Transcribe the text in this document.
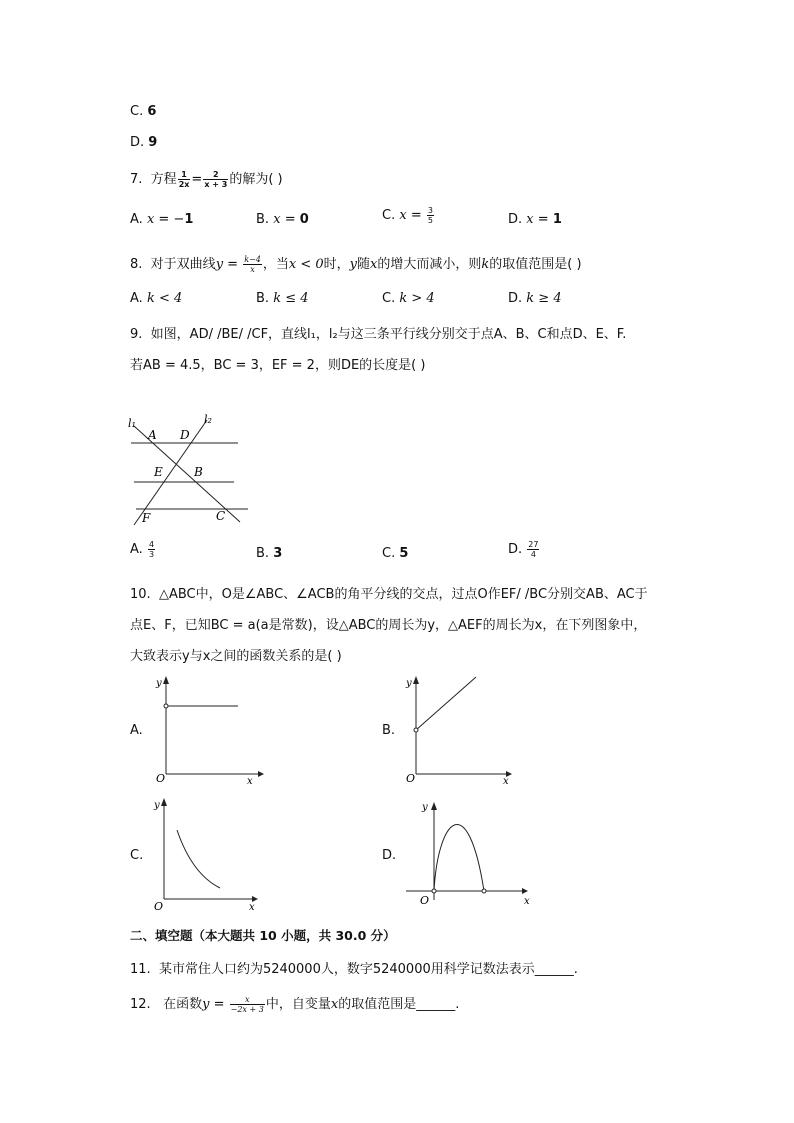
C. 6
D. 9
7. 方程 $\frac{1}{2x} = \frac{2}{x + 3}$ 的解为( )
A. x = −1	B. x = 0	C. $x = \frac{3}{5}$	D. x = 1
8. 对于双曲线$y = \frac{k-4}{x}$ ，当x < 0时，y随x的增大而减小，则k的取值范围是( )
A. k < 4	B. k ≤ 4	C. k > 4	D. k ≥ 4
9. 如图，AD/ /BE/ /CF，直线l₁，l₂与这三条平行线分别交于点A、B、C和点D、E、F.
若AB = 4.5，BC = 3，EF = 2，则DE的长度是( )
l₁	l₂
A D
E	B
F	C
A. $\frac{4}{3}$	B. 3	C. 5	D. $\frac{27}{4}$
10. △ABC中，O是∠ABC、∠ACB的角平分线的交点，过点O作EF/ /BC分别交AB、AC于
点E、F，已知BC = a(a是常数)，设△ABC的周长为y，△AEF的周长为x，在下列图象中，
大致表示y与x之间的函数关系的是( )
A.
y
x
O
B.
y
x
O
C.
y
x
O
D.
y
x
O
二、填空题（本大题共 10 小题，共 30.0 分）
11. 某市常住人口约为5240000人，数字5240000用科学记数法表示______.
12. 在函数$y = \frac{x}{-2x + 3}$ 中，自变量x的取值范围是______.
